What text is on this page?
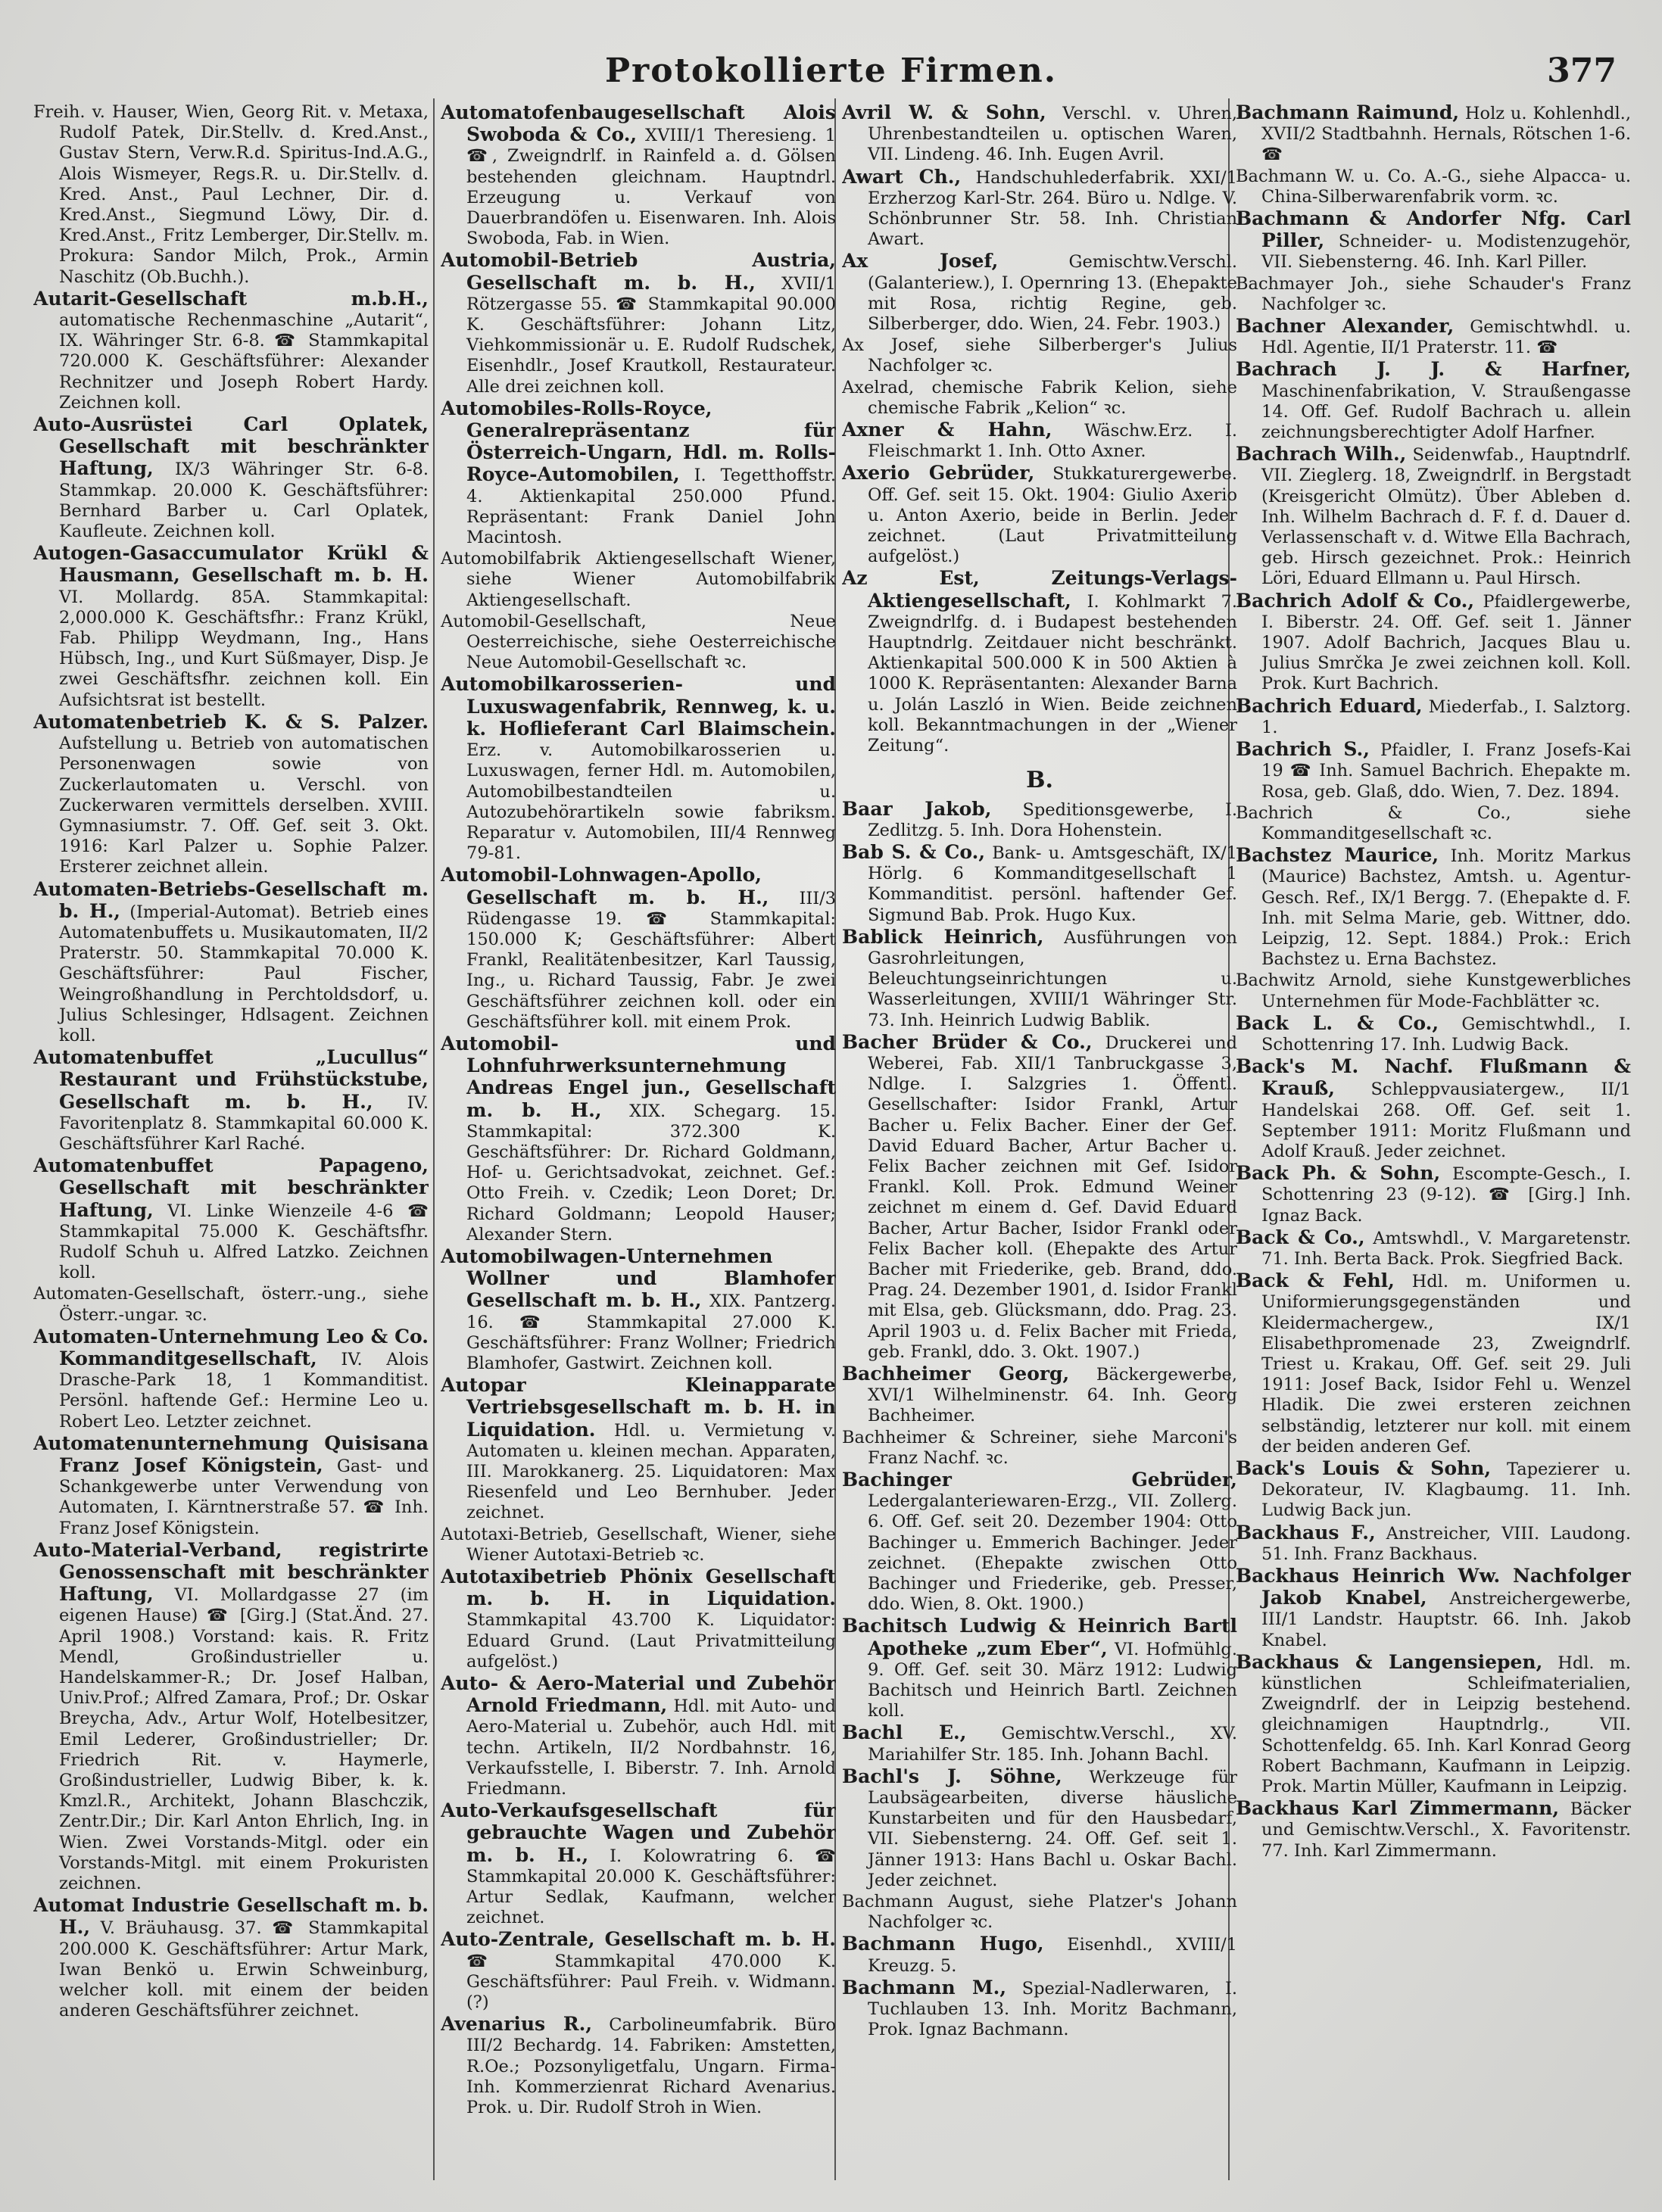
Protokollierte Firmen.	377
Freih. v. Hauser, Wien, Georg Rit. v. Metaxa, Rudolf Patek, Dir.Stellv. d. Kred.Anst., Gustav Stern, Verw.R.d. Spiritus-Ind.A.G., Alois Wismeyer, Regs.R. u. Dir.Stellv. d. Kred. Anst., Paul Lechner, Dir. d. Kred.Anst., Siegmund Löwy, Dir. d. Kred.Anst., Fritz Lemberger, Dir.Stellv. m. Prokura: Sandor Milch, Prok., Armin Naschitz (Ob.Buchh.).
Autarit-Gesellschaft m.b.H., automatische Rechenmaschine „Autarit“, IX. Währinger Str. 6-8. ☎ Stammkapital 720.000 K. Geschäftsführer: Alexander Rechnitzer und Joseph Robert Hardy. Zeichnen koll.
Auto-Ausrüstei Carl Oplatek, Gesellschaft mit beschränkter Haftung, IX/3 Währinger Str. 6-8. Stammkap. 20.000 K. Geschäftsführer: Bernhard Barber u. Carl Oplatek, Kaufleute. Zeichnen koll.
Autogen-Gasaccumulator Krükl & Hausmann, Gesellschaft m. b. H. VI. Mollardg. 85A. Stammkapital: 2,000.000 K. Geschäftsfhr.: Franz Krükl, Fab. Philipp Weydmann, Ing., Hans Hübsch, Ing., und Kurt Süßmayer, Disp. Je zwei Geschäftsfhr. zeichnen koll. Ein Aufsichtsrat ist bestellt.
Automatenbetrieb K. & S. Palzer. Aufstellung u. Betrieb von automatischen Personenwagen sowie von Zuckerlautomaten u. Verschl. von Zuckerwaren vermittels derselben. XVIII. Gymnasiumstr. 7. Off. Gef. seit 3. Okt. 1916: Karl Palzer u. Sophie Palzer. Ersterer zeichnet allein.
Automaten-Betriebs-Gesellschaft m. b. H., (Imperial-Automat). Betrieb eines Automatenbuffets u. Musikautomaten, II/2 Praterstr. 50. Stammkapital 70.000 K. Geschäftsführer: Paul Fischer, Weingroßhandlung in Perchtoldsdorf, u. Julius Schlesinger, Hdlsagent. Zeichnen koll.
Automatenbuffet „Lucullus“ Restaurant und Frühstückstube, Gesellschaft m. b. H., IV. Favoritenplatz 8. Stammkapital 60.000 K. Geschäftsführer Karl Raché.
Automatenbuffet Papageno, Gesellschaft mit beschränkter Haftung, VI. Linke Wienzeile 4-6 ☎ Stammkapital 75.000 K. Geschäftsfhr. Rudolf Schuh u. Alfred Latzko. Zeichnen koll.
Automaten-Gesellschaft, österr.-ung., siehe Österr.-ungar. ꝛc.
Automaten-Unternehmung Leo & Co. Kommanditgesellschaft, IV. Alois Drasche-Park 18, 1 Kommanditist. Persönl. haftende Gef.: Hermine Leo u. Robert Leo. Letzter zeichnet.
Automatenunternehmung Quisisana Franz Josef Königstein, Gast- und Schankgewerbe unter Verwendung von Automaten, I. Kärntnerstraße 57. ☎ Inh. Franz Josef Königstein.
Auto-Material-Verband, registrirte Genossenschaft mit beschränkter Haftung, VI. Mollardgasse 27 (im eigenen Hause) ☎ [Girg.] (Stat.Änd. 27. April 1908.) Vorstand: kais. R. Fritz Mendl, Großindustrieller u. Handelskammer-R.; Dr. Josef Halban, Univ.Prof.; Alfred Zamara, Prof.; Dr. Oskar Breycha, Adv., Artur Wolf, Hotelbesitzer, Emil Lederer, Großindustrieller; Dr. Friedrich Rit. v. Haymerle, Großindustrieller, Ludwig Biber, k. k. Kmzl.R., Architekt, Johann Blaschczik, Zentr.Dir.; Dir. Karl Anton Ehrlich, Ing. in Wien. Zwei Vorstands-Mitgl. oder ein Vorstands-Mitgl. mit einem Prokuristen zeichnen.
Automat Industrie Gesellschaft m. b. H., V. Bräuhausg. 37. ☎ Stammkapital 200.000 K. Geschäftsführer: Artur Mark, Iwan Benkö u. Erwin Schweinburg, welcher koll. mit einem der beiden anderen Geschäftsführer zeichnet.
Automatofenbaugesellschaft Alois Swoboda & Co., XVIII/1 Theresieng. 1 ☎, Zweigndrlf. in Rainfeld a. d. Gölsen bestehenden gleichnam. Hauptndrl. Erzeugung u. Verkauf von Dauerbrandöfen u. Eisenwaren. Inh. Alois Swoboda, Fab. in Wien.
Automobil-Betrieb Austria, Gesellschaft m. b. H., XVII/1 Rötzergasse 55. ☎ Stammkapital 90.000 K. Geschäftsführer: Johann Litz, Viehkommissionär u. E. Rudolf Rudschek, Eisenhdlr., Josef Krautkoll, Restaurateur. Alle drei zeichnen koll.
Automobiles-Rolls-Royce, Generalrepräsentanz für Österreich-Ungarn, Hdl. m. Rolls-Royce-Automobilen, I. Tegetthoffstr. 4. Aktienkapital 250.000 Pfund. Repräsentant: Frank Daniel John Macintosh.
Automobilfabrik Aktiengesellschaft Wiener, siehe Wiener Automobilfabrik Aktiengesellschaft.
Automobil-Gesellschaft, Neue Oesterreichische, siehe Oesterreichische Neue Automobil-Gesellschaft ꝛc.
Automobilkarosserien- und Luxuswagenfabrik, Rennweg, k. u. k. Hoflieferant Carl Blaimschein. Erz. v. Automobilkarosserien u. Luxuswagen, ferner Hdl. m. Automobilen, Automobilbestandteilen u. Autozubehörartikeln sowie fabriksm. Reparatur v. Automobilen, III/4 Rennweg 79-81.
Automobil-Lohnwagen-Apollo, Gesellschaft m. b. H., III/3 Rüdengasse 19. ☎ Stammkapital: 150.000 K; Geschäftsführer: Albert Frankl, Realitätenbesitzer, Karl Taussig, Ing., u. Richard Taussig, Fabr. Je zwei Geschäftsführer zeichnen koll. oder ein Geschäftsführer koll. mit einem Prok.
Automobil- und Lohnfuhrwerksunternehmung Andreas Engel jun., Gesellschaft m. b. H., XIX. Schegarg. 15. Stammkapital: 372.300 K. Geschäftsführer: Dr. Richard Goldmann, Hof- u. Gerichtsadvokat, zeichnet. Gef.: Otto Freih. v. Czedik; Leon Doret; Dr. Richard Goldmann; Leopold Hauser; Alexander Stern.
Automobilwagen-Unternehmen Wollner und Blamhofer Gesellschaft m. b. H., XIX. Pantzerg. 16. ☎ Stammkapital 27.000 K. Geschäftsführer: Franz Wollner; Friedrich Blamhofer, Gastwirt. Zeichnen koll.
Autopar Kleinapparate Vertriebsgesellschaft m. b. H. in Liquidation. Hdl. u. Vermietung v. Automaten u. kleinen mechan. Apparaten, III. Marokkanerg. 25. Liquidatoren: Max Riesenfeld und Leo Bernhuber. Jeder zeichnet.
Autotaxi-Betrieb, Gesellschaft, Wiener, siehe Wiener Autotaxi-Betrieb ꝛc.
Autotaxibetrieb Phönix Gesellschaft m. b. H. in Liquidation. Stammkapital 43.700 K. Liquidator: Eduard Grund. (Laut Privatmitteilung aufgelöst.)
Auto- & Aero-Material und Zubehör Arnold Friedmann, Hdl. mit Auto- und Aero-Material u. Zubehör, auch Hdl. mit techn. Artikeln, II/2 Nordbahnstr. 16, Verkaufsstelle, I. Biberstr. 7. Inh. Arnold Friedmann.
Auto-Verkaufsgesellschaft für gebrauchte Wagen und Zubehör m. b. H., I. Kolowratring 6. ☎ Stammkapital 20.000 K. Geschäftsführer: Artur Sedlak, Kaufmann, welcher zeichnet.
Auto-Zentrale, Gesellschaft m. b. H. ☎ Stammkapital 470.000 K. Geschäftsführer: Paul Freih. v. Widmann. (?)
Avenarius R., Carbolineumfabrik. Büro III/2 Bechardg. 14. Fabriken: Amstetten, R.Oe.; Pozsonyligetfalu, Ungarn. Firma-Inh. Kommerzienrat Richard Avenarius. Prok. u. Dir. Rudolf Stroh in Wien.
Avril W. & Sohn, Verschl. v. Uhren, Uhrenbestandteilen u. optischen Waren, VII. Lindeng. 46. Inh. Eugen Avril.
Awart Ch., Handschuhlederfabrik. XXI/1 Erzherzog Karl-Str. 264. Büro u. Ndlge. V. Schönbrunner Str. 58. Inh. Christian Awart.
Ax Josef,	Gemischtw.Verschl. (Galanteriew.), I. Opernring 13. (Ehepakte mit Rosa, richtig Regine, geb. Silberberger, ddo. Wien, 24. Febr. 1903.)
Ax Josef, siehe Silberberger's Julius Nachfolger ꝛc.
Axelrad, chemische Fabrik Kelion, siehe chemische Fabrik „Kelion“ ꝛc.
Axner & Hahn, Wäschw.Erz. I. Fleischmarkt 1. Inh. Otto Axner.
Axerio Gebrüder, Stukkaturergewerbe. Off. Gef. seit 15. Okt. 1904: Giulio Axerio u. Anton Axerio, beide in Berlin. Jeder zeichnet. (Laut Privatmitteilung aufgelöst.)
Az Est, Zeitungs-Verlags-Aktiengesellschaft, I. Kohlmarkt 7. Zweigndrlfg. d. i Budapest bestehenden Hauptndrlg. Zeitdauer nicht beschränkt. Aktienkapital 500.000 K in 500 Aktien à 1000 K. Repräsentanten: Alexander Barna u. Jolán Laszló in Wien. Beide zeichnen koll. Bekanntmachungen in der „Wiener Zeitung“.
B.
Baar Jakob, Speditionsgewerbe, I. Zedlitzg. 5. Inh. Dora Hohenstein.
Bab S. & Co., Bank- u. Amtsgeschäft, IX/1 Hörlg. 6 Kommanditgesellschaft 1 Kommanditist. persönl. haftender Gef. Sigmund Bab. Prok. Hugo Kux.
Bablick Heinrich, Ausführungen von Gasrohrleitungen, Beleuchtungseinrichtungen u. Wasserleitungen, XVIII/1 Währinger Str. 73. Inh. Heinrich Ludwig Bablik.
Bacher Brüder & Co., Druckerei und Weberei, Fab. XII/1 Tanbruckgasse 3, Ndlge. I. Salzgries 1. Öffentl. Gesellschafter: Isidor Frankl, Artur Bacher u. Felix Bacher. Einer der Gef. David Eduard Bacher, Artur Bacher u. Felix Bacher zeichnen mit Gef. Isidor Frankl. Koll. Prok. Edmund Weiner zeichnet m einem d. Gef. David Eduard Bacher, Artur Bacher, Isidor Frankl oder Felix Bacher koll. (Ehepakte des Artur Bacher mit Friederike, geb. Brand, ddo. Prag. 24. Dezember 1901, d. Isidor Frankl mit Elsa, geb. Glücksmann, ddo. Prag. 23. April 1903 u. d. Felix Bacher mit Frieda, geb. Frankl, ddo. 3. Okt. 1907.)
Bachheimer Georg, Bäckergewerbe, XVI/1 Wilhelminenstr. 64. Inh. Georg Bachheimer.
Bachheimer & Schreiner, siehe Marconi's Franz Nachf. ꝛc.
Bachinger Gebrüder, Ledergalanteriewaren-Erzg., VII. Zollerg. 6. Off. Gef. seit 20. Dezember 1904: Otto Bachinger u. Emmerich Bachinger. Jeder zeichnet. (Ehepakte zwischen Otto Bachinger und Friederike, geb. Presser, ddo. Wien, 8. Okt. 1900.)
Bachitsch Ludwig & Heinrich Bartl Apotheke „zum Eber“, VI. Hofmühlg. 9. Off. Gef. seit 30. März 1912: Ludwig Bachitsch und Heinrich Bartl. Zeichnen koll.
Bachl E., Gemischtw.Verschl., XV. Mariahilfer Str. 185. Inh. Johann Bachl.
Bachl's J. Söhne, Werkzeuge für Laubsägearbeiten, diverse häusliche Kunstarbeiten und für den Hausbedarf, VII. Siebensterng. 24. Off. Gef. seit 1. Jänner 1913: Hans Bachl u. Oskar Bachl. Jeder zeichnet.
Bachmann August, siehe Platzer's Johann Nachfolger ꝛc.
Bachmann Hugo, Eisenhdl., XVIII/1 Kreuzg. 5.
Bachmann M., Spezial-Nadlerwaren, I. Tuchlauben 13. Inh. Moritz Bachmann, Prok. Ignaz Bachmann.
Bachmann Raimund, Holz u. Kohlenhdl., XVII/2 Stadtbahnh. Hernals, Rötschen 1-6. ☎
Bachmann W. u. Co. A.-G., siehe Alpacca- u. China-Silberwarenfabrik vorm. ꝛc.
Bachmann & Andorfer Nfg. Carl Piller, Schneider- u. Modistenzugehör, VII. Siebensterng. 46. Inh. Karl Piller.
Bachmayer Joh., siehe Schauder's Franz Nachfolger ꝛc.
Bachner Alexander, Gemischtwhdl. u. Hdl. Agentie, II/1 Praterstr. 11. ☎
Bachrach J. J. & Harfner, Maschinenfabrikation, V. Straußengasse 14. Off. Gef. Rudolf Bachrach u. allein zeichnungsberechtigter Adolf Harfner.
Bachrach Wilh., Seidenwfab., Hauptndrlf. VII. Zieglerg. 18, Zweigndrlf. in Bergstadt (Kreisgericht Olmütz). Über Ableben d. Inh. Wilhelm Bachrach d. F. f. d. Dauer d. Verlassenschaft v. d. Witwe Ella Bachrach, geb. Hirsch gezeichnet. Prok.: Heinrich Löri, Eduard Ellmann u. Paul Hirsch.
Bachrich Adolf & Co., Pfaidlergewerbe, I. Biberstr. 24. Off. Gef. seit 1. Jänner 1907. Adolf Bachrich, Jacques Blau u. Julius Smrčka Je zwei zeichnen koll. Koll. Prok. Kurt Bachrich.
Bachrich Eduard, Miederfab., I. Salztorg. 1.
Bachrich S., Pfaidler, I. Franz Josefs-Kai 19 ☎ Inh. Samuel Bachrich. Ehepakte m. Rosa, geb. Glaß, ddo. Wien, 7. Dez. 1894.
Bachrich & Co., siehe Kommanditgesellschaft ꝛc.
Bachstez Maurice, Inh. Moritz Markus (Maurice) Bachstez, Amtsh. u. Agentur-Gesch. Ref., IX/1 Bergg. 7. (Ehepakte d. F. Inh. mit Selma Marie, geb. Wittner, ddo. Leipzig, 12. Sept. 1884.) Prok.: Erich Bachstez u. Erna Bachstez.
Bachwitz Arnold, siehe Kunstgewerbliches Unternehmen für Mode-Fachblätter ꝛc.
Back L. & Co., Gemischtwhdl., I. Schottenring 17. Inh. Ludwig Back.
Back's M. Nachf. Flußmann & Krauß, Schleppvausiatergew., II/1 Handelskai 268. Off. Gef. seit 1. September 1911: Moritz Flußmann und Adolf Krauß. Jeder zeichnet.
Back Ph. & Sohn, Escompte-Gesch., I. Schottenring 23 (9-12). ☎ [Girg.] Inh. Ignaz Back.
Back & Co., Amtswhdl., V. Margaretenstr. 71. Inh. Berta Back. Prok. Siegfried Back.
Back & Fehl, Hdl. m. Uniformen u. Uniformierungsgegenständen und Kleidermachergew., IX/1 Elisabethpromenade 23, Zweigndrlf. Triest u. Krakau, Off. Gef. seit 29. Juli 1911: Josef Back, Isidor Fehl u. Wenzel Hladik. Die zwei ersteren zeichnen selbständig, letzterer nur koll. mit einem der beiden anderen Gef.
Back's Louis & Sohn, Tapezierer u. Dekorateur, IV. Klagbaumg. 11. Inh. Ludwig Back jun.
Backhaus F., Anstreicher, VIII. Laudong. 51. Inh. Franz Backhaus.
Backhaus Heinrich Ww. Nachfolger Jakob Knabel, Anstreichergewerbe, III/1 Landstr. Hauptstr. 66. Inh. Jakob Knabel.
Backhaus & Langensiepen, Hdl. m. künstlichen Schleifmaterialien, Zweigndrlf. der in Leipzig bestehend. gleichnamigen Hauptndrlg., VII. Schottenfeldg. 65. Inh. Karl Konrad Georg Robert Bachmann, Kaufmann in Leipzig. Prok. Martin Müller, Kaufmann in Leipzig.
Backhaus Karl Zimmermann, Bäcker und Gemischtw.Verschl., X. Favoritenstr. 77. Inh. Karl Zimmermann.
